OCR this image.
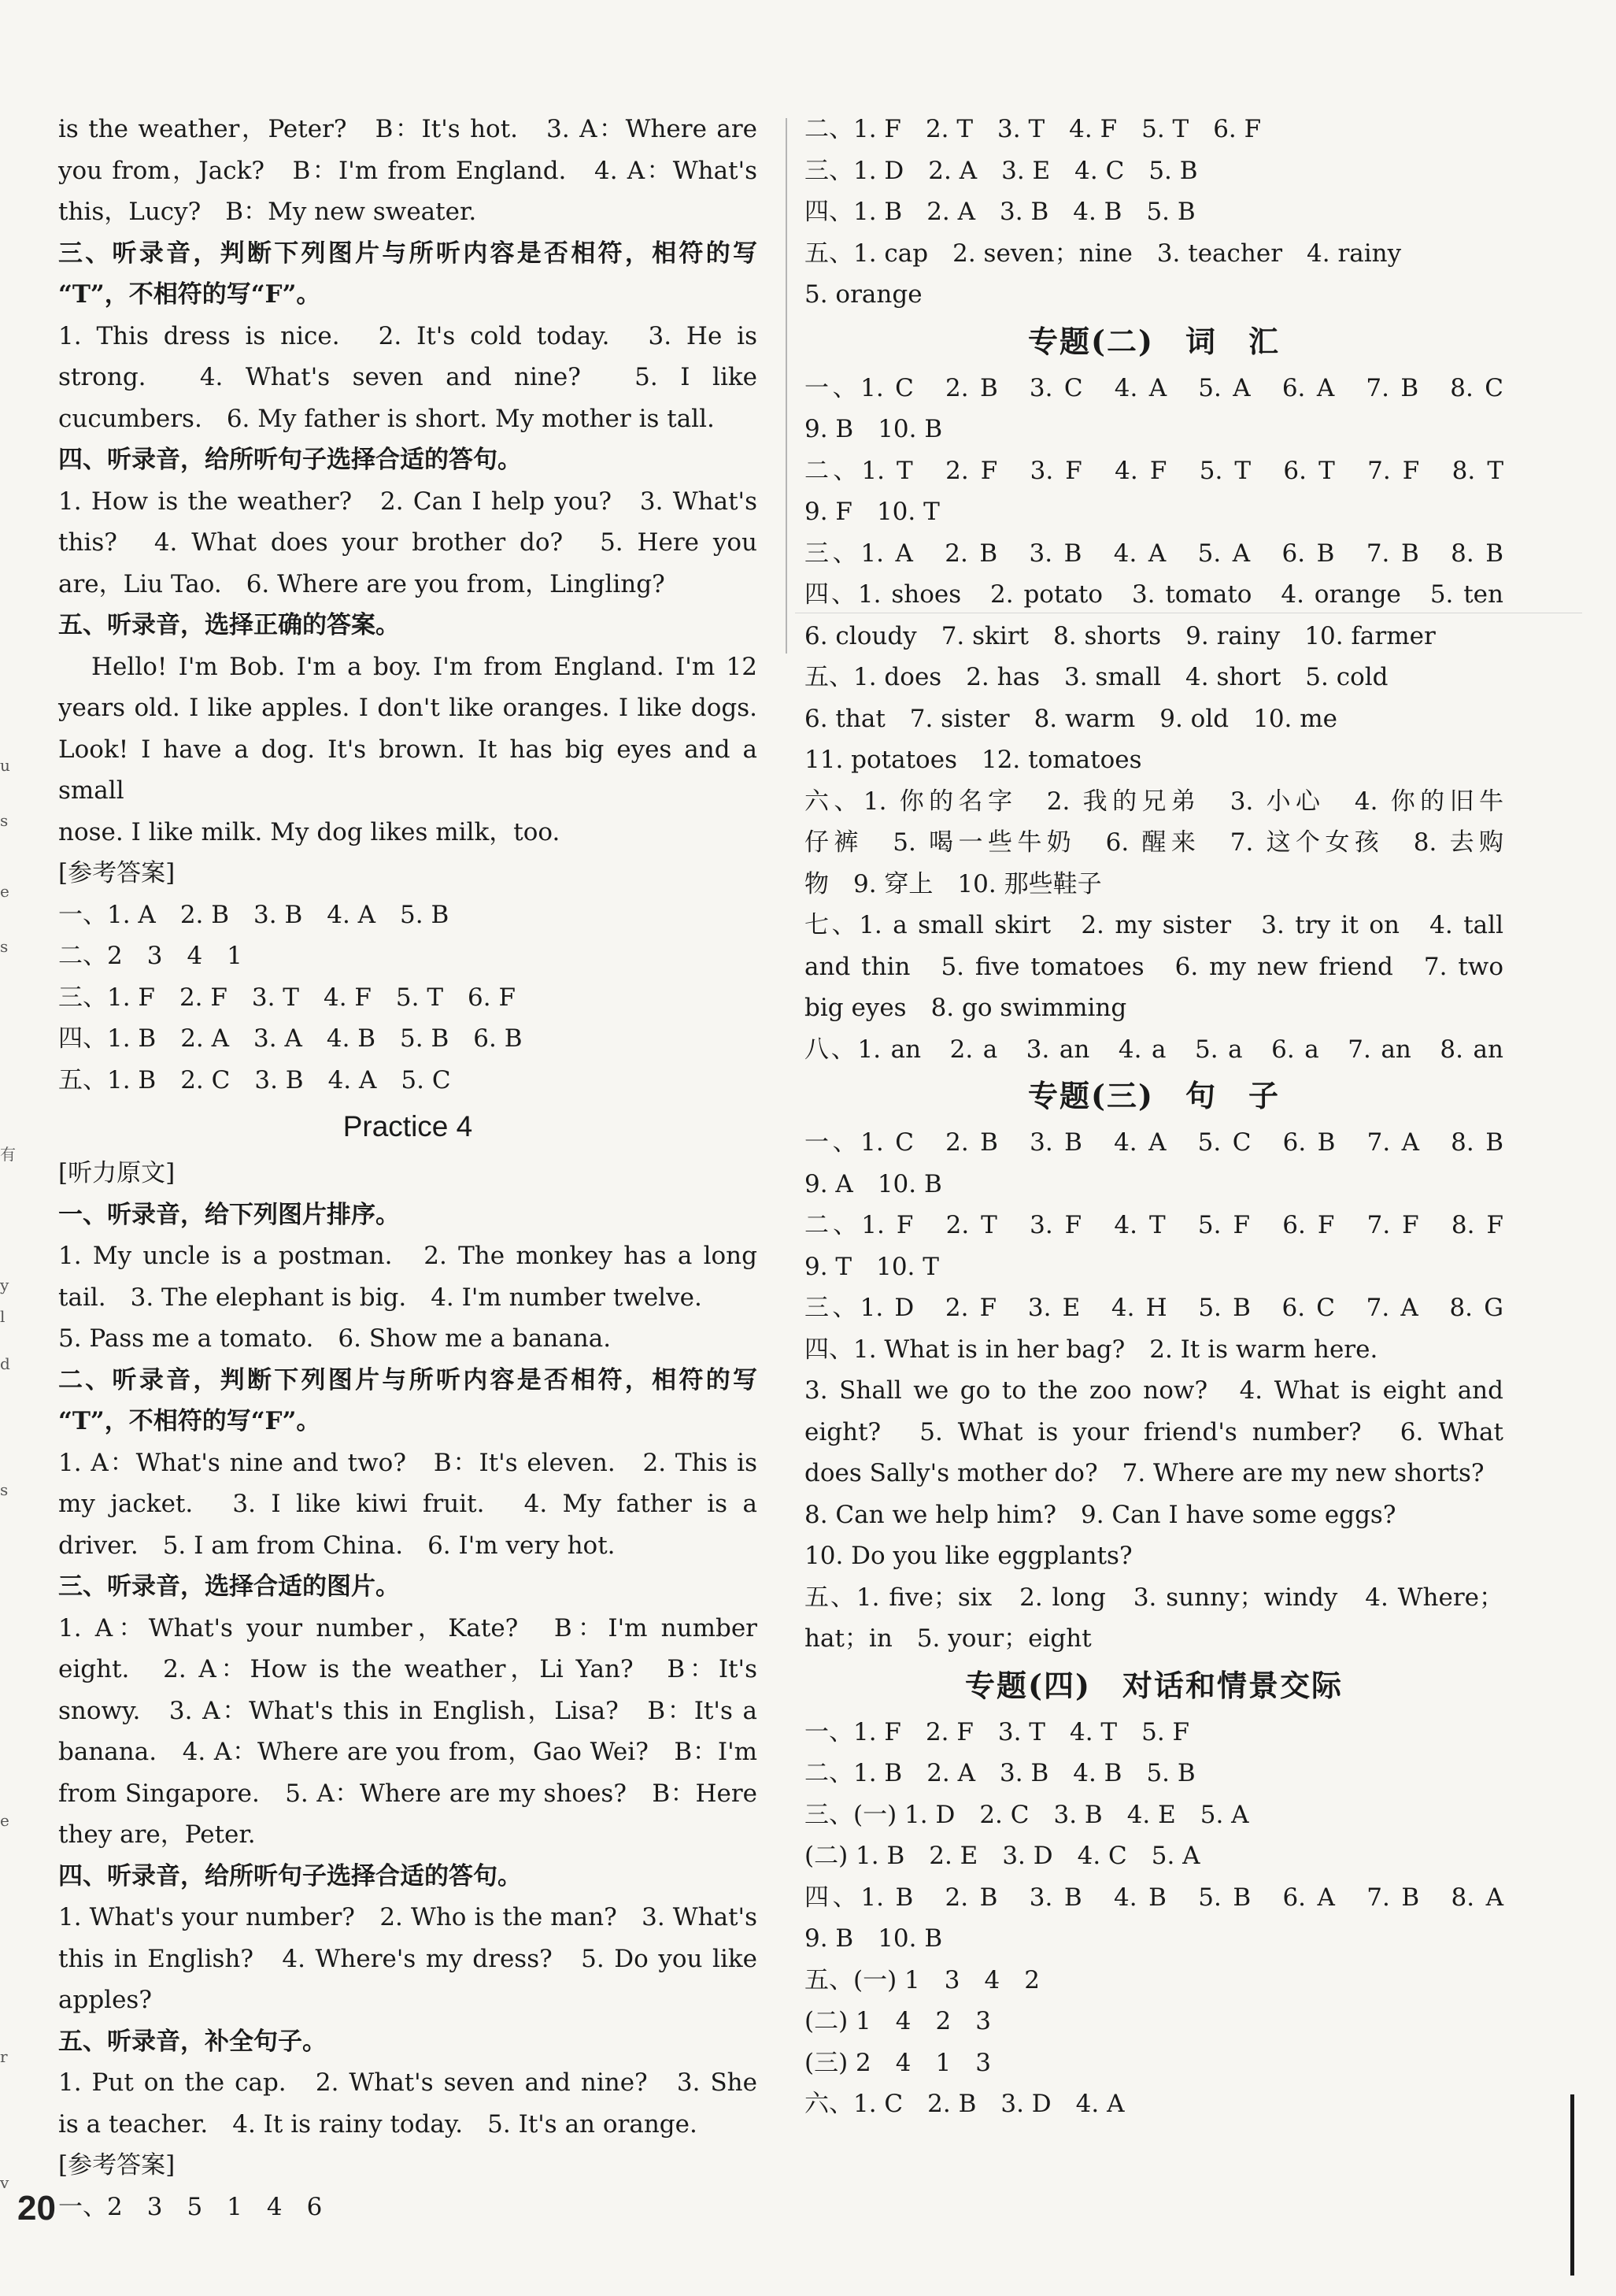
is the weather，Peter?　B：It's hot.　3. A：Where are
you from，Jack?　B：I'm from England.　4. A：What's
this，Lucy?　B：My new sweater.
三、听录音，判断下列图片与所听内容是否相符，相符的写
“T”，不相符的写“F”。
1. This dress is nice.　2. It's cold today.　3. He is
strong.　4. What's seven and nine?　5. I like
cucumbers.　6. My father is short. My mother is tall.
四、听录音，给所听句子选择合适的答句。
1. How is the weather?　2. Can I help you?　3. What's
this?　4. What does your brother do?　5. Here you
are，Liu Tao.　6. Where are you from，Lingling?
五、听录音，选择正确的答案。
Hello! I'm Bob. I'm a boy. I'm from England. I'm 12
years old. I like apples. I don't like oranges. I like dogs.
Look! I have a dog. It's brown. It has big eyes and a small
nose. I like milk. My dog likes milk，too.
[参考答案]
一、1. A　2. B　3. B　4. A　5. B
二、2　3　4　1
三、1. F　2. F　3. T　4. F　5. T　6. F
四、1. B　2. A　3. A　4. B　5. B　6. B
五、1. B　2. C　3. B　4. A　5. C
Practice 4
[听力原文]
一、听录音，给下列图片排序。
1. My uncle is a postman.　2. The monkey has a long
tail.　3. The elephant is big.　4. I'm number twelve.
5. Pass me a tomato.　6. Show me a banana.
二、听录音，判断下列图片与所听内容是否相符，相符的写
“T”，不相符的写“F”。
1. A：What's nine and two?　B：It's eleven.　2. This is
my jacket.　3. I like kiwi fruit.　4. My father is a
driver.　5. I am from China.　6. I'm very hot.
三、听录音，选择合适的图片。
1. A：What's your number，Kate?　B：I'm number
eight.　2. A：How is the weather，Li Yan?　B：It's
snowy.　3. A：What's this in English，Lisa?　B：It's a
banana.　4. A：Where are you from，Gao Wei?　B：I'm
from Singapore.　5. A：Where are my shoes?　B：Here
they are，Peter.
四、听录音，给所听句子选择合适的答句。
1. What's your number?　2. Who is the man?　3. What's
this in English?　4. Where's my dress?　5. Do you like
apples?
五、听录音，补全句子。
1. Put on the cap.　2. What's seven and nine?　3. She
is a teacher.　4. It is rainy today.　5. It's an orange.
[参考答案]
一、2　3　5　1　4　6
二、1. F　2. T　3. T　4. F　5. T　6. F
三、1. D　2. A　3. E　4. C　5. B
四、1. B　2. A　3. B　4. B　5. B
五、1. cap　2. seven；nine　3. teacher　4. rainy
5. orange
专题(二)　词　汇
一、1. C　2. B　3. C　4. A　5. A　6. A　7. B　8. C
9. B　10. B
二、1. T　2. F　3. F　4. F　5. T　6. T　7. F　8. T
9. F　10. T
三、1. A　2. B　3. B　4. A　5. A　6. B　7. B　8. B
四、1. shoes　2. potato　3. tomato　4. orange　5. ten
6. cloudy　7. skirt　8. shorts　9. rainy　10. farmer
五、1. does　2. has　3. small　4. short　5. cold
6. that　7. sister　8. warm　9. old　10. me
11. potatoes　12. tomatoes
六、1. 你的名字　2. 我的兄弟　3. 小心　4. 你的旧牛
仔裤　5. 喝一些牛奶　6. 醒来　7. 这个女孩　8. 去购
物　9. 穿上　10. 那些鞋子
七、1. a small skirt　2. my sister　3. try it on　4. tall
and thin　5. five tomatoes　6. my new friend　7. two
big eyes　8. go swimming
八、1. an　2. a　3. an　4. a　5. a　6. a　7. an　8. an
专题(三)　句　子
一、1. C　2. B　3. B　4. A　5. C　6. B　7. A　8. B
9. A　10. B
二、1. F　2. T　3. F　4. T　5. F　6. F　7. F　8. F
9. T　10. T
三、1. D　2. F　3. E　4. H　5. B　6. C　7. A　8. G
四、1. What is in her bag?　2. It is warm here.
3. Shall we go to the zoo now?　4. What is eight and
eight?　5. What is your friend's number?　6. What
does Sally's mother do?　7. Where are my new shorts?
8. Can we help him?　9. Can I have some eggs?
10. Do you like eggplants?
五、1. five；six　2. long　3. sunny；windy　4. Where；
hat；in　5. your；eight
专题(四)　对话和情景交际
一、1. F　2. F　3. T　4. T　5. F
二、1. B　2. A　3. B　4. B　5. B
三、(一) 1. D　2. C　3. B　4. E　5. A
(二) 1. B　2. E　3. D　4. C　5. A
四、1. B　2. B　3. B　4. B　5. B　6. A　7. B　8. A
9. B　10. B
五、(一) 1　3　4　2
(二) 1　4　2　3
(三) 2　4　1　3
六、1. C　2. B　3. D　4. A
20
u
s
e
s
有
y
l
d
s
e
r
v
